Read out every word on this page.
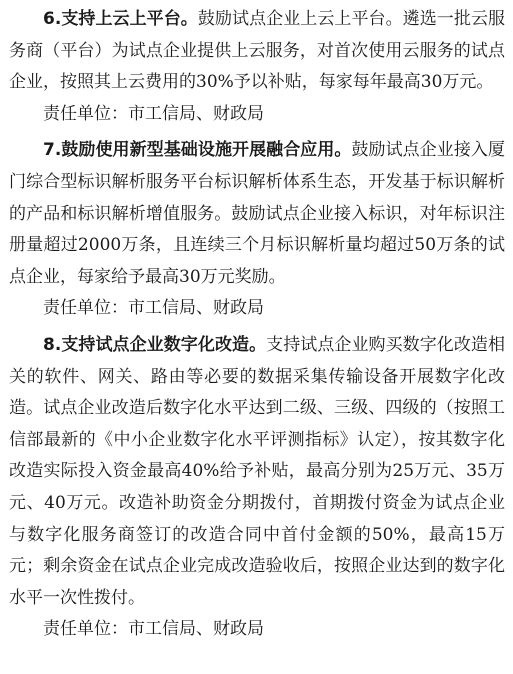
6.支持上云上平台。鼓励试点企业上云上平台。遴选一批云服务商（平台）为试点企业提供上云服务，对首次使用云服务的试点企业，按照其上云费用的30%予以补贴，每家每年最高30万元。

责任单位：市工信局、财政局

7.鼓励使用新型基础设施开展融合应用。鼓励试点企业接入厦门综合型标识解析服务平台标识解析体系生态，开发基于标识解析的产品和标识解析增值服务。鼓励试点企业接入标识，对年标识注册量超过2000万条，且连续三个月标识解析量均超过50万条的试点企业，每家给予最高30万元奖励。

责任单位：市工信局、财政局

8.支持试点企业数字化改造。支持试点企业购买数字化改造相关的软件、网关、路由等必要的数据采集传输设备开展数字化改造。试点企业改造后数字化水平达到二级、三级、四级的（按照工信部最新的《中小企业数字化水平评测指标》认定），按其数字化改造实际投入资金最高40%给予补贴，最高分别为25万元、35万元、40万元。改造补助资金分期拨付，首期拨付资金为试点企业与数字化服务商签订的改造合同中首付金额的50%，最高15万元；剩余资金在试点企业完成改造验收后，按照企业达到的数字化水平一次性拨付。

责任单位：市工信局、财政局
